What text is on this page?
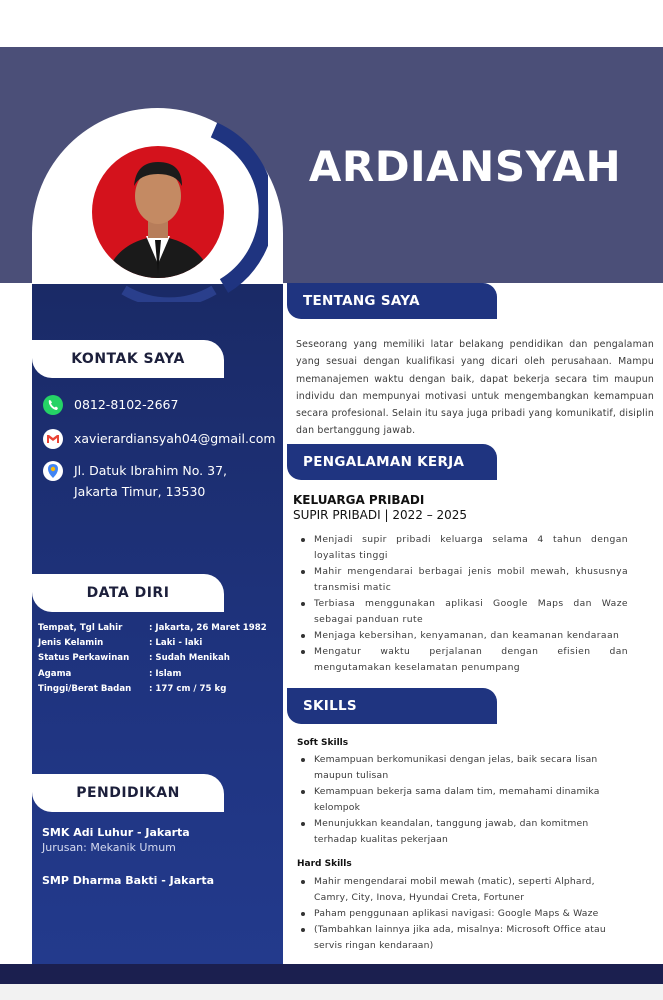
ARDIANSYAH
KONTAK SAYA
0812-8102-2667
xavierardiansyah04@gmail.com
Jl. Datuk Ibrahim No. 37,
Jakarta Timur, 13530
DATA DIRI
Tempat, Tgl Lahir	: Jakarta, 26 Maret 1982
Jenis Kelamin	: Laki - laki
Status Perkawinan	: Sudah Menikah
Agama	: Islam
Tinggi/Berat Badan	: 177 cm / 75 kg
PENDIDIKAN
SMK Adi Luhur - Jakarta
Jurusan: Mekanik Umum
SMP Dharma Bakti - Jakarta
TENTANG SAYA
Seseorang yang memiliki latar belakang pendidikan dan pengalaman yang sesuai dengan kualifikasi yang dicari oleh perusahaan. Mampu memanajemen waktu dengan baik, dapat bekerja secara tim maupun individu dan mempunyai motivasi untuk mengembangkan kemampuan secara profesional. Selain itu saya juga pribadi yang komunikatif, disiplin dan bertanggung jawab.
PENGALAMAN KERJA
KELUARGA PRIBADI
SUPIR PRIBADI | 2022 – 2025
Menjadi supir pribadi keluarga selama 4 tahun dengan loyalitas tinggi
Mahir mengendarai berbagai jenis mobil mewah, khususnya transmisi matic
Terbiasa menggunakan aplikasi Google Maps dan Waze sebagai panduan rute
Menjaga kebersihan, kenyamanan, dan keamanan kendaraan
Mengatur waktu perjalanan dengan efisien dan mengutamakan keselamatan penumpang
SKILLS
Soft Skills
Kemampuan berkomunikasi dengan jelas, baik secara lisan maupun tulisan
Kemampuan bekerja sama dalam tim, memahami dinamika kelompok
Menunjukkan keandalan, tanggung jawab, dan komitmen terhadap kualitas pekerjaan
Hard Skills
Mahir mengendarai mobil mewah (matic), seperti Alphard, Camry, City, Inova, Hyundai Creta, Fortuner
Paham penggunaan aplikasi navigasi: Google Maps & Waze
(Tambahkan lainnya jika ada, misalnya: Microsoft Office atau servis ringan kendaraan)
